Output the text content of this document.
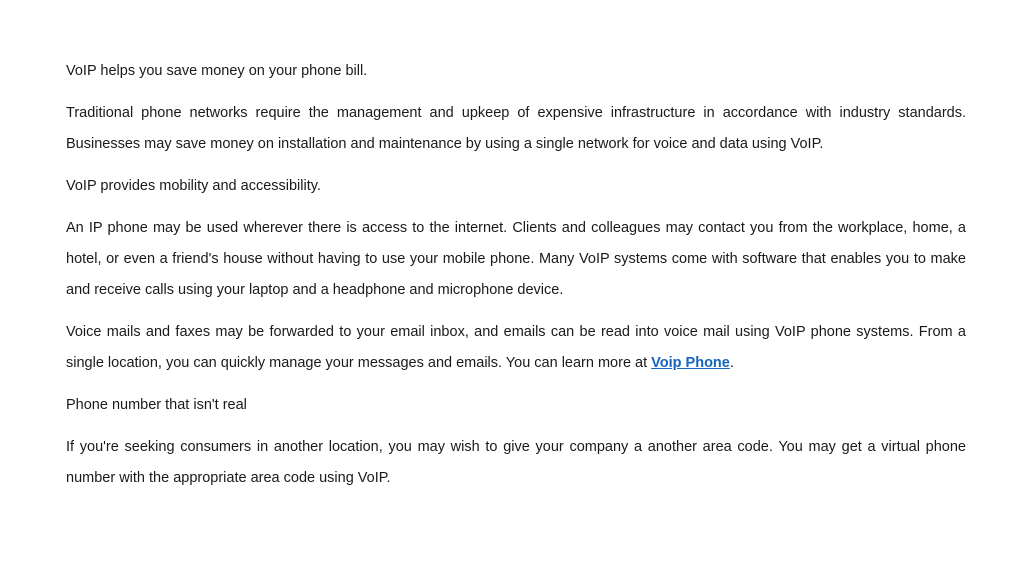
VoIP helps you save money on your phone bill.

Traditional phone networks require the management and upkeep of expensive infrastructure in accordance with industry standards. Businesses may save money on installation and maintenance by using a single network for voice and data using VoIP.

VoIP provides mobility and accessibility.

An IP phone may be used wherever there is access to the internet. Clients and colleagues may contact you from the workplace, home, a hotel, or even a friend's house without having to use your mobile phone. Many VoIP systems come with software that enables you to make and receive calls using your laptop and a headphone and microphone device.

Voice mails and faxes may be forwarded to your email inbox, and emails can be read into voice mail using VoIP phone systems. From a single location, you can quickly manage your messages and emails. You can learn more at Voip Phone.

Phone number that isn't real

If you're seeking consumers in another location, you may wish to give your company a another area code. You may get a virtual phone number with the appropriate area code using VoIP.
